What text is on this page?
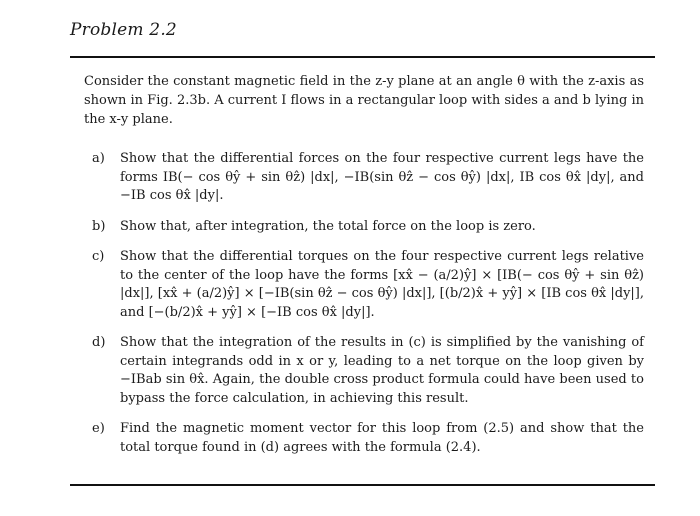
Problem 2.2
Consider the constant magnetic field in the z-y plane at an angle θ with the z-axis as shown in Fig. 2.3b. A current I flows in a rectangular loop with sides a and b lying in the x-y plane.
a)	Show that the differential forces on the four respective current legs have the forms IB(− cos θŷ + sin θẑ) |dx|, −IB(sin θẑ − cos θŷ) |dx|, IB cos θx̂ |dy|, and −IB cos θx̂ |dy|.
b)	Show that, after integration, the total force on the loop is zero.
c)	Show that the differential torques on the four respective current legs relative to the center of the loop have the forms [xx̂ − (a/2)ŷ] × [IB(− cos θŷ + sin θẑ) |dx|], [xx̂ + (a/2)ŷ] × [−IB(sin θẑ − cos θŷ) |dx|], [(b/2)x̂ + yŷ] × [IB cos θx̂ |dy|], and [−(b/2)x̂ + yŷ] × [−IB cos θx̂ |dy|].
d)	Show that the integration of the results in (c) is simplified by the vanishing of certain integrands odd in x or y, leading to a net torque on the loop given by −IBab sin θx̂. Again, the double cross product formula could have been used to bypass the force calculation, in achieving this result.
e)	Find the magnetic moment vector for this loop from (2.5) and show that the total torque found in (d) agrees with the formula (2.4).
